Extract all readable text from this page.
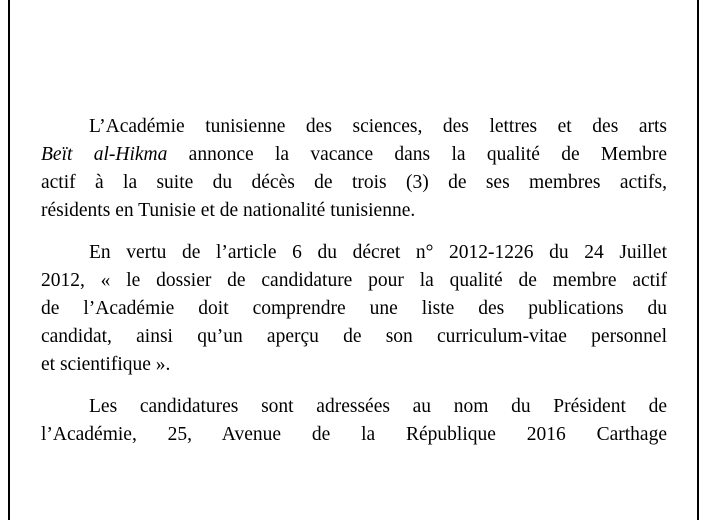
L’Académie tunisienne des sciences, des lettres et des arts
Beït al-Hikma annonce la vacance dans la qualité de Membre
actif à la suite du décès de trois (3) de ses membres actifs,
résidents en Tunisie et de nationalité tunisienne.

En vertu de l’article 6 du décret n° 2012-1226 du 24 Juillet
2012, « le dossier de candidature pour la qualité de membre actif
de l’Académie doit comprendre une liste des publications du
candidat, ainsi qu’un aperçu de son curriculum-vitae personnel
et scientifique ».

Les candidatures sont adressées au nom du Président de
l’Académie, 25, Avenue de la République 2016 Carthage
